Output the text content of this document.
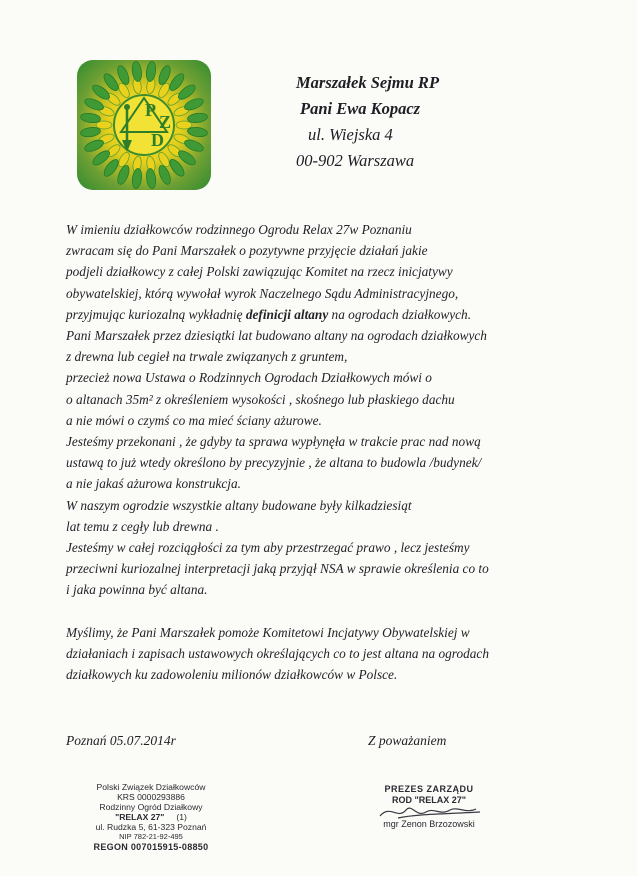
P
Z
D
Marszałek Sejmu RP
Pani Ewa Kopacz
ul. Wiejska 4
00-902 Warszawa
W imieniu działkowców rodzinnego Ogrodu Relax 27w Poznaniu
zwracam się do Pani Marszałek o pozytywne przyjęcie działań jakie
podjeli działkowcy z całej Polski zawiązując Komitet na rzecz inicjatywy
obywatelskiej, którą wywołał wyrok Naczelnego Sądu Administracyjnego,
przyjmując kuriozalną wykładnię definicji altany na ogrodach działkowych.
Pani Marszałek przez dziesiątki lat budowano altany na ogrodach działkowych
z drewna lub cegieł na trwale związanych z gruntem,
przecież nowa Ustawa o Rodzinnych Ogrodach Działkowych mówi o
o altanach 35m² z określeniem wysokości , skośnego lub płaskiego dachu
a nie mówi o czymś co ma mieć ściany ażurowe.
Jesteśmy przekonani , że gdyby ta sprawa wypłynęła w trakcie prac nad nową
ustawą to już wtedy określono by precyzyjnie , że altana to budowla /budynek/
a nie jakaś ażurowa konstrukcja.
W naszym ogrodzie wszystkie altany budowane były kilkadziesiąt
lat temu z cegły lub drewna .
Jesteśmy w całej rozciągłości za tym aby przestrzegać prawo , lecz jesteśmy
przeciwni kuriozalnej interpretacji jaką przyjął NSA w sprawie określenia co to
i jaka powinna być altana.
Myślimy, że Pani Marszałek pomoże Komitetowi Incjatywy Obywatelskiej w
działaniach i zapisach ustawowych określających co to jest altana na ogrodach
działkowych ku zadowoleniu milionów działkowców w Polsce.
Poznań 05.07.2014r	Z poważaniem
Polski Związek Działkowców
KRS 0000293886
Rodzinny Ogród Działkowy
"RELAX 27" (1)
ul. Rudzka 5, 61-323 Poznań
NIP 782-21-92-495
REGON 007015915-08850
PREZES ZARZĄDU
ROD "RELAX 27"
mgr Zenon Brzozowski
